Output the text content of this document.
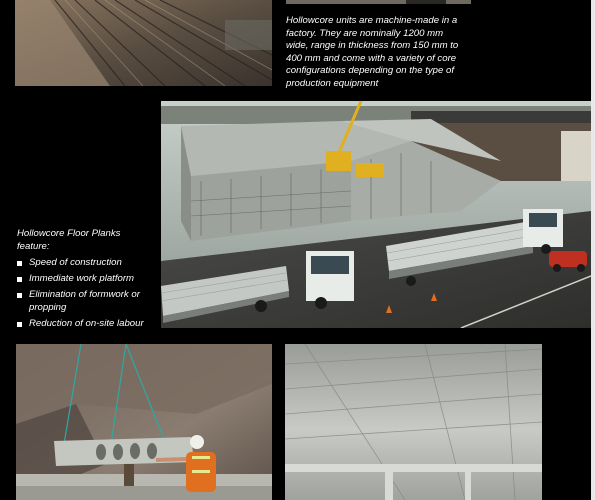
Hollowcore units are machine-made in a
factory. They are nominally 1200 mm
wide, range in thickness from 150 mm to
400 mm and come with a variety of core
configurations depending on the type of
production equipment
Hollowcore Floor Planks
feature:
Speed of construction
Immediate work platform
Elimination of formwork or
propping
Reduction of on-site labour
